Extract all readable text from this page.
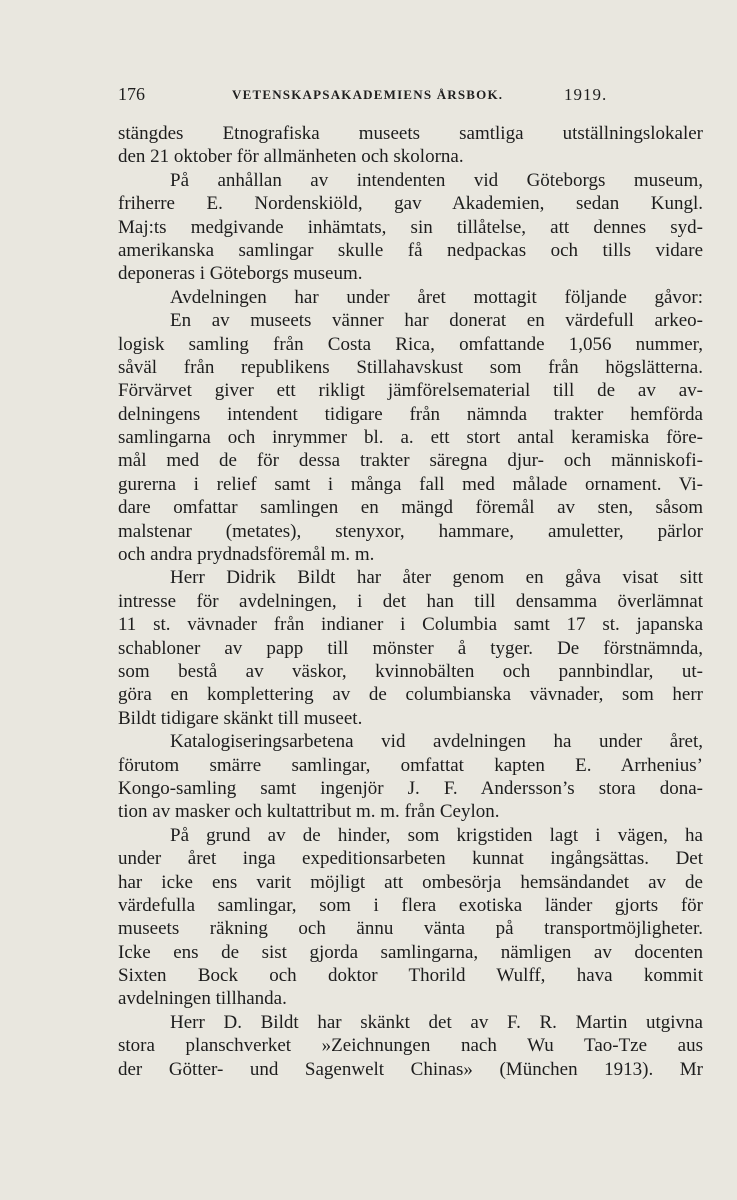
176	VETENSKAPSAKADEMIENS ÅRSBOK.	1919.
stängdes Etnografiska museets samtliga utställningslokaler
den 21 oktober för allmänheten och skolorna.
På anhållan av intendenten vid Göteborgs museum,
friherre E. Nordenskiöld, gav Akademien, sedan Kungl.
Maj:ts medgivande inhämtats, sin tillåtelse, att dennes syd-
amerikanska samlingar skulle få nedpackas och tills vidare
deponeras i Göteborgs museum.
Avdelningen har under året mottagit följande gåvor:
En av museets vänner har donerat en värdefull arkeo-
logisk samling från Costa Rica, omfattande 1,056 nummer,
såväl från republikens Stillahavskust som från högslätterna.
Förvärvet giver ett rikligt jämförelsematerial till de av av-
delningens intendent tidigare från nämnda trakter hemförda
samlingarna och inrymmer bl. a. ett stort antal keramiska före-
mål med de för dessa trakter säregna djur- och människofi-
gurerna i relief samt i många fall med målade ornament. Vi-
dare omfattar samlingen en mängd föremål av sten, såsom
malstenar (metates), stenyxor, hammare, amuletter, pärlor
och andra prydnadsföremål m. m.
Herr Didrik Bildt har åter genom en gåva visat sitt
intresse för avdelningen, i det han till densamma överlämnat
11 st. vävnader från indianer i Columbia samt 17 st. japanska
schabloner av papp till mönster å tyger. De förstnämnda,
som bestå av väskor, kvinnobälten och pannbindlar, ut-
göra en komplettering av de columbianska vävnader, som herr
Bildt tidigare skänkt till museet.
Katalogiseringsarbetena vid avdelningen ha under året,
förutom smärre samlingar, omfattat kapten E. Arrhenius’
Kongo-samling samt ingenjör J. F. Andersson’s stora dona-
tion av masker och kultattribut m. m. från Ceylon.
På grund av de hinder, som krigstiden lagt i vägen, ha
under året inga expeditionsarbeten kunnat ingångsättas. Det
har icke ens varit möjligt att ombesörja hemsändandet av de
värdefulla samlingar, som i flera exotiska länder gjorts för
museets räkning och ännu vänta på transportmöjligheter.
Icke ens de sist gjorda samlingarna, nämligen av docenten
Sixten Bock och doktor Thorild Wulff, hava kommit
avdelningen tillhanda.
Herr D. Bildt har skänkt det av F. R. Martin utgivna
stora planschverket »Zeichnungen nach Wu Tao-Tze aus
der Götter- und Sagenwelt Chinas» (München 1913). Mr
